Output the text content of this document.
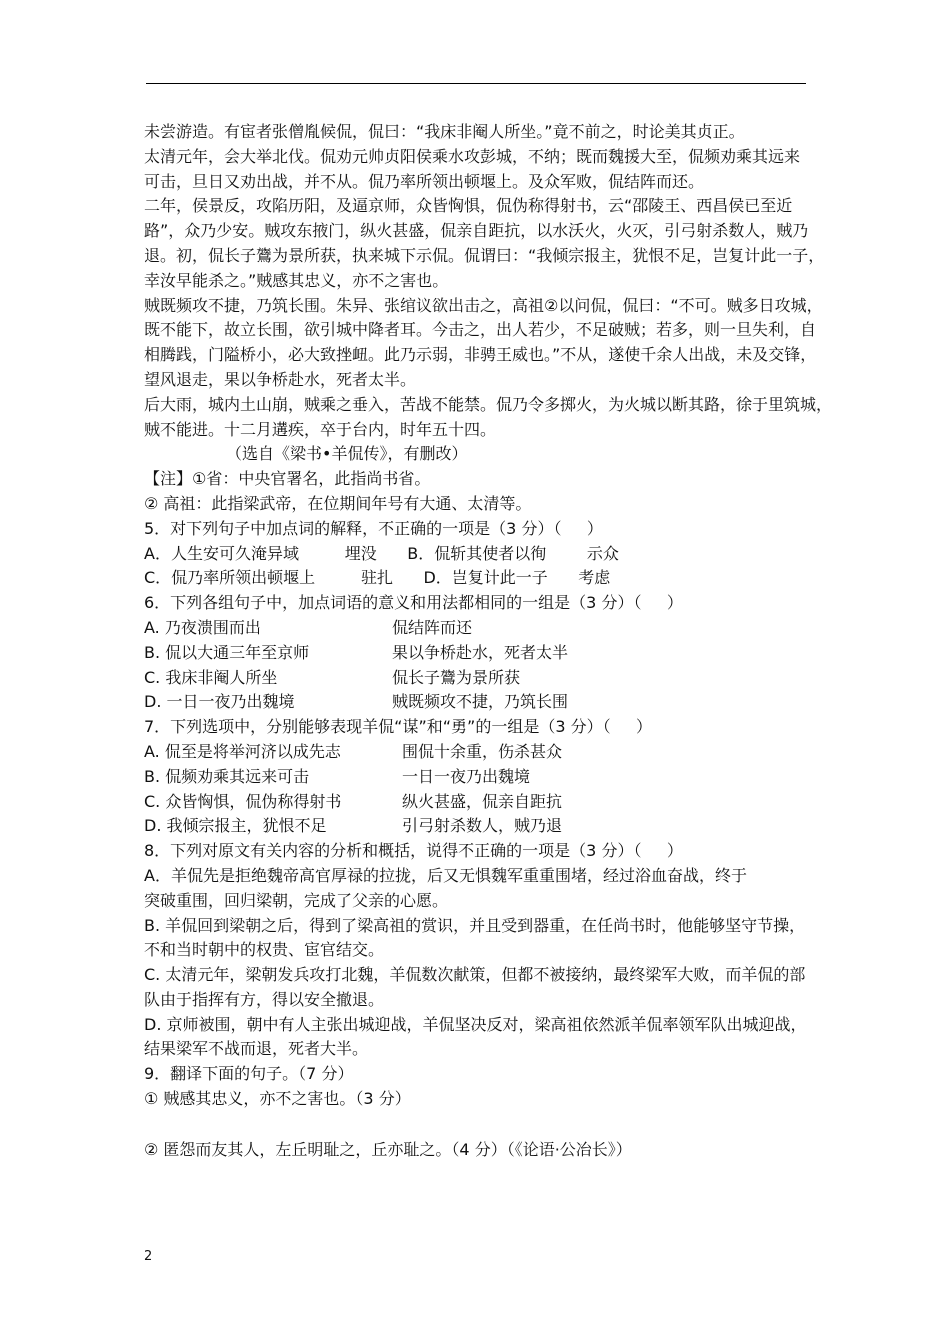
未尝游造。有宦者张僧胤候侃，侃曰：“我床非阉人所坐。”竟不前之，时论美其贞正。
太清元年，会大举北伐。侃劝元帅贞阳侯乘水攻彭城，不纳；既而魏援大至，侃频劝乘其远来
可击，旦日又劝出战，并不从。侃乃率所领出顿堰上。及众军败，侃结阵而还。
二年，侯景反，攻陷历阳，及逼京师，众皆恟惧，侃伪称得射书，云“邵陵王、西昌侯已至近
路”，众乃少安。贼攻东掖门，纵火甚盛，侃亲自距抗，以水沃火，火灭，引弓射杀数人，贼乃
退。初，侃长子鷟为景所获，执来城下示侃。侃谓曰：“我倾宗报主，犹恨不足，岂复计此一子，
幸汝早能杀之。”贼感其忠义，亦不之害也。
贼既频攻不捷，乃筑长围。朱异、张绾议欲出击之，高祖②以问侃，侃曰：“不可。贼多日攻城，
既不能下，故立长围，欲引城中降者耳。今击之，出人若少，不足破贼；若多，则一旦失利，自
相腾践，门隘桥小，必大致挫衄。此乃示弱，非骋王威也。”不从，遂使千余人出战，未及交锋，
望风退走，果以争桥赴水，死者太半。
后大雨，城内土山崩，贼乘之垂入，苦战不能禁。侃乃令多掷火，为火城以断其路，徐于里筑城，
贼不能进。十二月遘疾，卒于台内，时年五十四。
（选自《梁书•羊侃传》，有删改）
【注】①省：中央官署名，此指尚书省。
② 高祖：此指梁武帝，在位期间年号有大通、太清等。
5．对下列句子中加点词的解释，不正确的一项是（3 分）（     ）
A．人生安可久淹异域         埋没      B．侃斩其使者以徇        示众
C．侃乃率所领出顿堰上         驻扎      D．岂复计此一子      考虑
6．下列各组句子中，加点词语的意义和用法都相同的一组是（3 分）（     ）
A. 乃夜溃围而出	侃结阵而还
B. 侃以大通三年至京师	果以争桥赴水，死者太半
C. 我床非阉人所坐	侃长子鷟为景所获
D. 一日一夜乃出魏境	贼既频攻不捷，乃筑长围
7．下列选项中，分别能够表现羊侃“谋”和“勇”的一组是（3 分）（     ）
A. 侃至是将举河济以成先志	围侃十余重，伤杀甚众
B. 侃频劝乘其远来可击	一日一夜乃出魏境
C. 众皆恟惧，侃伪称得射书	纵火甚盛，侃亲自距抗
D. 我倾宗报主，犹恨不足	引弓射杀数人，贼乃退
8．下列对原文有关内容的分析和概括，说得不正确的一项是（3 分）（     ）
A．羊侃先是拒绝魏帝高官厚禄的拉拢，后又无惧魏军重重围堵，经过浴血奋战，终于
突破重围，回归梁朝，完成了父亲的心愿。
B. 羊侃回到梁朝之后，得到了梁高祖的赏识，并且受到器重，在任尚书时，他能够坚守节操，
不和当时朝中的权贵、宦官结交。
C. 太清元年，梁朝发兵攻打北魏，羊侃数次献策，但都不被接纳，最终梁军大败，而羊侃的部
队由于指挥有方，得以安全撤退。
D. 京师被围，朝中有人主张出城迎战，羊侃坚决反对，梁高祖依然派羊侃率领军队出城迎战，
结果梁军不战而退，死者大半。
9．翻译下面的句子。（7 分）
① 贼感其忠义，亦不之害也。（3 分）
② 匿怨而友其人，左丘明耻之，丘亦耻之。（4 分）（《论语·公冶长》）
2
